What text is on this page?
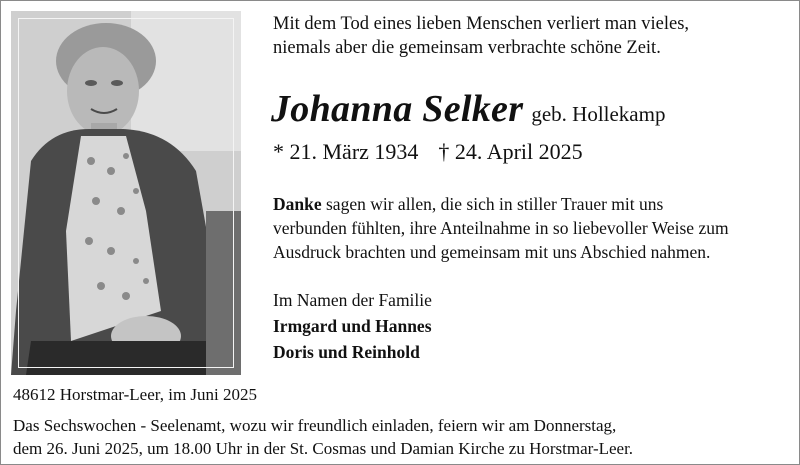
Mit dem Tod eines lieben Menschen verliert man vieles,
niemals aber die gemeinsam verbrachte schöne Zeit.
Johanna Selker geb. Hollekamp
* 21. März 1934 † 24. April 2025
Danke sagen wir allen, die sich in stiller Trauer mit uns
verbunden fühlten, ihre Anteilnahme in so liebevoller Weise zum
Ausdruck brachten und gemeinsam mit uns Abschied nahmen.
Im Namen der Familie
Irmgard und Hannes
Doris und Reinhold
48612 Horstmar-Leer, im Juni 2025
Das Sechswochen - Seelenamt, wozu wir freundlich einladen, feiern wir am Donnerstag,
dem 26. Juni 2025, um 18.00 Uhr in der St. Cosmas und Damian Kirche zu Horstmar-Leer.
